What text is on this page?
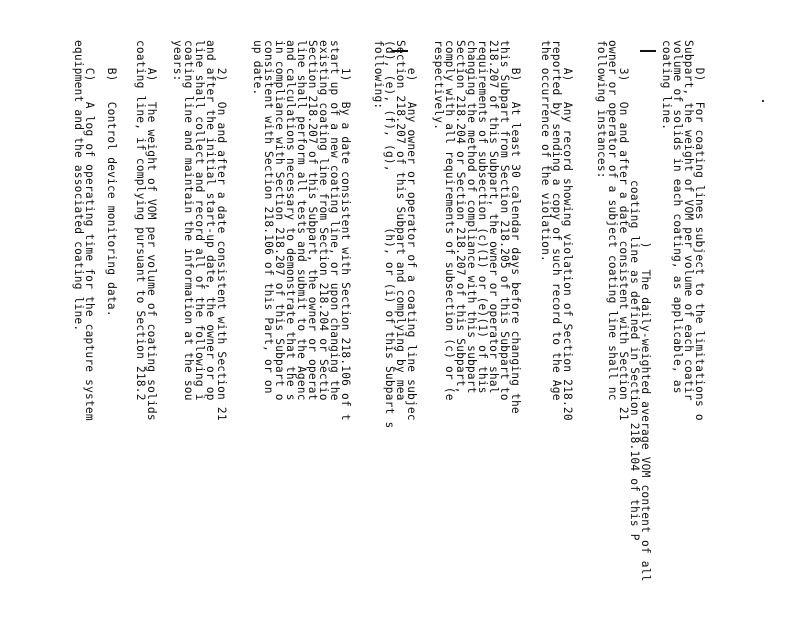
D)For coating lines subject to the limitations o
Subpart, the weight of VOM per volume of each coatir
volume of solids in each coating, as applicable, as
coating line.

)   The daily-weighted average VOM content of all
coating line as defined in Section 218.104 of this P

3)On and after a date consistent with Section 21
owner or operator of a subject coating line shall nc
following instances:

A)Any record showing violation of Section 218.20
reported by sending a copy of such record to the Age
the occurrence of the violation.

B)At least 30 calendar days before changing the
this Subpart from Section 218.205 of this Subpart to
218.207 of this Subpart, the owner or operator shal
requirements of subsection (c)(1) or (e)(1) of this
changing the method of compliance with this subpart
Section 218.204 or Section 218.207 of this Subpart,
comply with all requirements of subsection (c) or (e
respectively.

e)Any owner or operator of a coating line subjec
Section 218.207 of this Subpart and complying by mea
(d), (e), (f), (g),        (h), or (i) of this Subpart s
following:

1)By a date consistent with Section 218.106 of t
start up of a new coating line, or upon changing the
existing coating line from Section 218.204 or Sectio
Section 218.207 of this Subpart, the owner or operat
line shall perform all tests and submit to the Agenc
and calculations necessary to demonstrate that the s
in compliance with Section 218.207 of this Subpart o
consistent with Section 218.106 of this Part, or on
up date.

2)On and after a date consistent with Section 21
and after the initial start-up date, the owner or op
line shall collect and record all of the following i
coating line and maintain the information at the sou
years:

A)The weight of VOM per volume of coating solids
coating line, if complying pursuant to Section 218.2

B)Control device monitoring data.

C)A log of operating time for the capture system
equipment and the associated coating line.
